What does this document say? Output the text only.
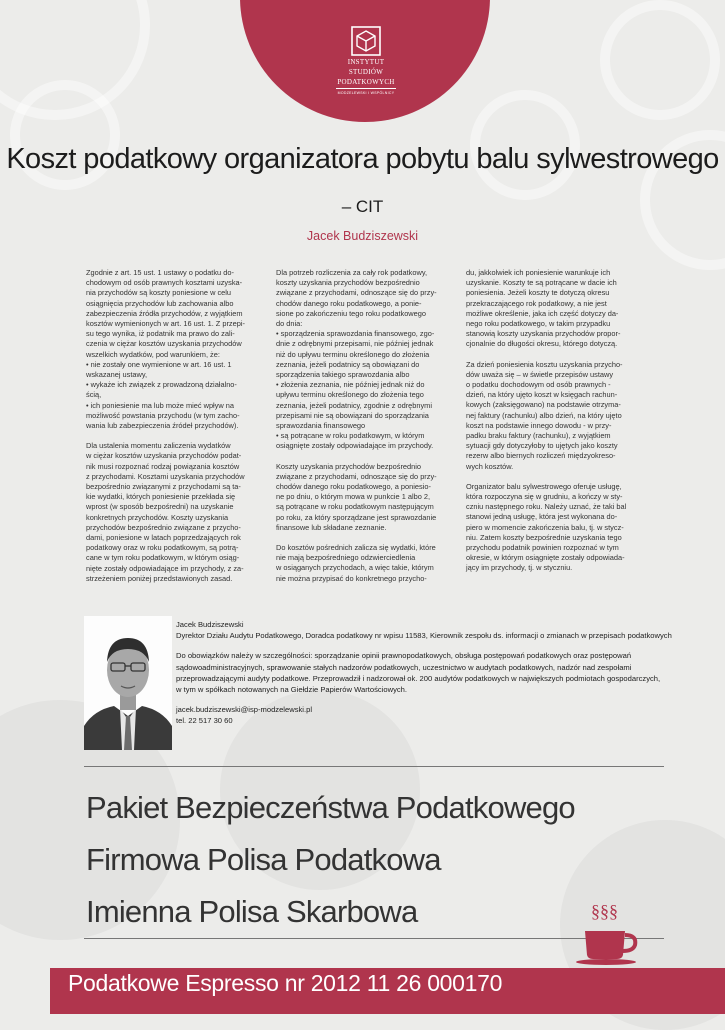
INSTYTUT
STUDIÓW
PODATKOWYCH
MODZELEWSKI I WSPÓLNICY
Koszt podatkowy organizatora pobytu balu sylwestrowego
– CIT
Jacek Budziszewski

Zgodnie z art. 15 ust. 1 ustawy o podatku do-
chodowym od osób prawnych kosztami uzyska-
nia przychodów są koszty poniesione w celu
osiągnięcia przychodów lub zachowania albo
zabezpieczenia źródła przychodów, z wyjątkiem
kosztów wymienionych w art. 16 ust. 1. Z przepi-
su tego wynika, iż podatnik ma prawo do zali-
czenia w ciężar kosztów uzyskania przychodów
wszelkich wydatków, pod warunkiem, że:
• nie zostały one wymienione w art. 16 ust. 1
wskazanej ustawy,
• wykaże ich związek z prowadzoną działalno-
ścią,
• ich poniesienie ma lub może mieć wpływ na
możliwość powstania przychodu (w tym zacho-
wania lub zabezpieczenia źródeł przychodów).

Dla ustalenia momentu zaliczenia wydatków
w ciężar kosztów uzyskania przychodów podat-
nik musi rozpoznać rodzaj powiązania kosztów
z przychodami. Kosztami uzyskania przychodów
bezpośrednio związanymi z przychodami są ta-
kie wydatki, których poniesienie przekłada się
wprost (w sposób bezpośredni) na uzyskanie
konkretnych przychodów. Koszty uzyskania
przychodów bezpośrednio związane z przycho-
dami, poniesione w latach poprzedzających rok
podatkowy oraz w roku podatkowym, są potrą-
cane w tym roku podatkowym, w którym osiąg-
nięte zostały odpowiadające im przychody, z za-
strzeżeniem poniżej przedstawionych zasad.

Dla potrzeb rozliczenia za cały rok podatkowy,
koszty uzyskania przychodów bezpośrednio
związane z przychodami, odnoszące się do przy-
chodów danego roku podatkowego, a ponie-
sione po zakończeniu tego roku podatkowego
do dnia:
• sporządzenia sprawozdania finansowego, zgo-
dnie z odrębnymi przepisami, nie później jednak
niż do upływu terminu określonego do złożenia
zeznania, jeżeli podatnicy są obowiązani do
sporządzenia takiego sprawozdania albo
• złożenia zeznania, nie później jednak niż do
upływu terminu określonego do złożenia tego
zeznania, jeżeli podatnicy, zgodnie z odrębnymi
przepisami nie są obowiązani do sporządzania
sprawozdania finansowego
• są potrącane w roku podatkowym, w którym
osiągnięte zostały odpowiadające im przychody.

Koszty uzyskania przychodów bezpośrednio
związane z przychodami, odnoszące się do przy-
chodów danego roku podatkowego, a poniesio-
ne po dniu, o którym mowa w punkcie 1 albo 2,
są potrącane w roku podatkowym następującym
po roku, za który sporządzane jest sprawozdanie
finansowe lub składane zeznanie.

Do kosztów pośrednich zalicza się wydatki, które
nie mają bezpośredniego odzwierciedlenia
w osiąganych przychodach, a więc takie, którym
nie można przypisać do konkretnego przycho-

du, jakkolwiek ich poniesienie warunkuje ich
uzyskanie. Koszty te są potrącane w dacie ich
poniesienia. Jeżeli koszty te dotyczą okresu
przekraczającego rok podatkowy, a nie jest
możliwe określenie, jaka ich część dotyczy da-
nego roku podatkowego, w takim przypadku
stanowią koszty uzyskania przychodów propor-
cjonalnie do długości okresu, którego dotyczą.

Za dzień poniesienia kosztu uzyskania przycho-
dów uważa się – w świetle przepisów ustawy
o podatku dochodowym od osób prawnych -
dzień, na który ujęto koszt w księgach rachun-
kowych (zaksięgowano) na podstawie otrzyma-
nej faktury (rachunku) albo dzień, na który ujęto
koszt na podstawie innego dowodu - w przy-
padku braku faktury (rachunku), z wyjątkiem
sytuacji gdy dotyczyłoby to ujętych jako koszty
rezerw albo biernych rozliczeń międzyokreso-
wych kosztów.

Organizator balu sylwestrowego oferuje usługę,
która rozpoczyna się w grudniu, a kończy w sty-
czniu następnego roku. Należy uznać, że taki bal
stanowi jedną usługę, która jest wykonana do-
piero w momencie zakończenia balu, tj. w stycz-
niu. Zatem koszty bezpośrednie uzyskania tego
przychodu podatnik powinien rozpoznać w tym
okresie, w którym osiągnięte zostały odpowiada-
jący im przychody, tj. w styczniu.

Jacek Budziszewski

Dyrektor Działu Audytu Podatkowego, Doradca podatkowy nr wpisu 11583, Kierownik zespołu ds. informacji o zmianach w przepisach podatkowych

Do obowiązków należy w szczególności: sporządzanie opinii prawnopodatkowych, obsługa postępowań podatkowych oraz postępowań

sądowoadministracyjnych, sprawowanie stałych nadzorów podatkowych, uczestnictwo w audytach podatkowych, nadzór nad zespołami

przeprowadzającymi audyty podatkowe. Przeprowadził i nadzorował ok. 200 audytów podatkowych w największych podmiotach gospodarczych,

w tym w spółkach notowanych na Giełdzie Papierów Wartościowych.

jacek.budziszewski@isp-modzelewski.pl

tel. 22 517 30 60

Pakiet Bezpieczeństwa Podatkowego
Firmowa Polisa Podatkowa
Imienna Polisa Skarbowa	§§§
Podatkowe Espresso nr 2012 11 26 000170
